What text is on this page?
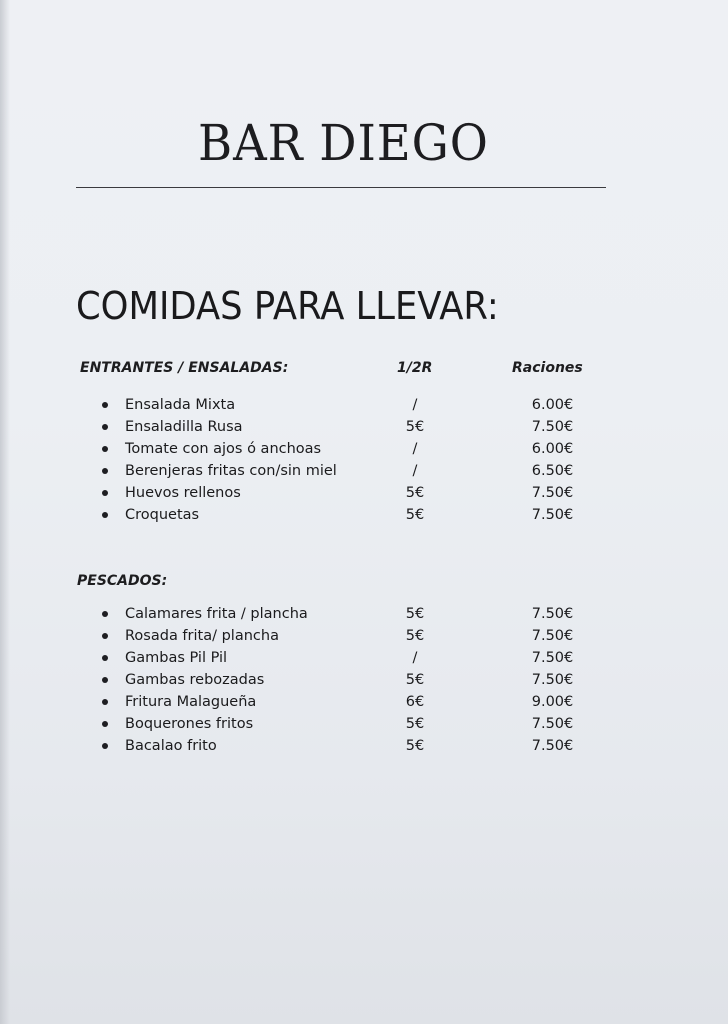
BAR DIEGO
COMIDAS PARA LLEVAR:
ENTRANTES / ENSALADAS:	1/2R	Raciones
Ensalada Mixta	/	6.00€
Ensaladilla Rusa	5€	7.50€
Tomate con ajos ó anchoas	/	6.00€
Berenjeras fritas con/sin miel	/	6.50€
Huevos rellenos	5€	7.50€
Croquetas	5€	7.50€
PESCADOS:
Calamares frita / plancha	5€	7.50€
Rosada frita/ plancha	5€	7.50€
Gambas Pil Pil	/	7.50€
Gambas rebozadas	5€	7.50€
Fritura Malagueña	6€	9.00€
Boquerones fritos	5€	7.50€
Bacalao frito	5€	7.50€
